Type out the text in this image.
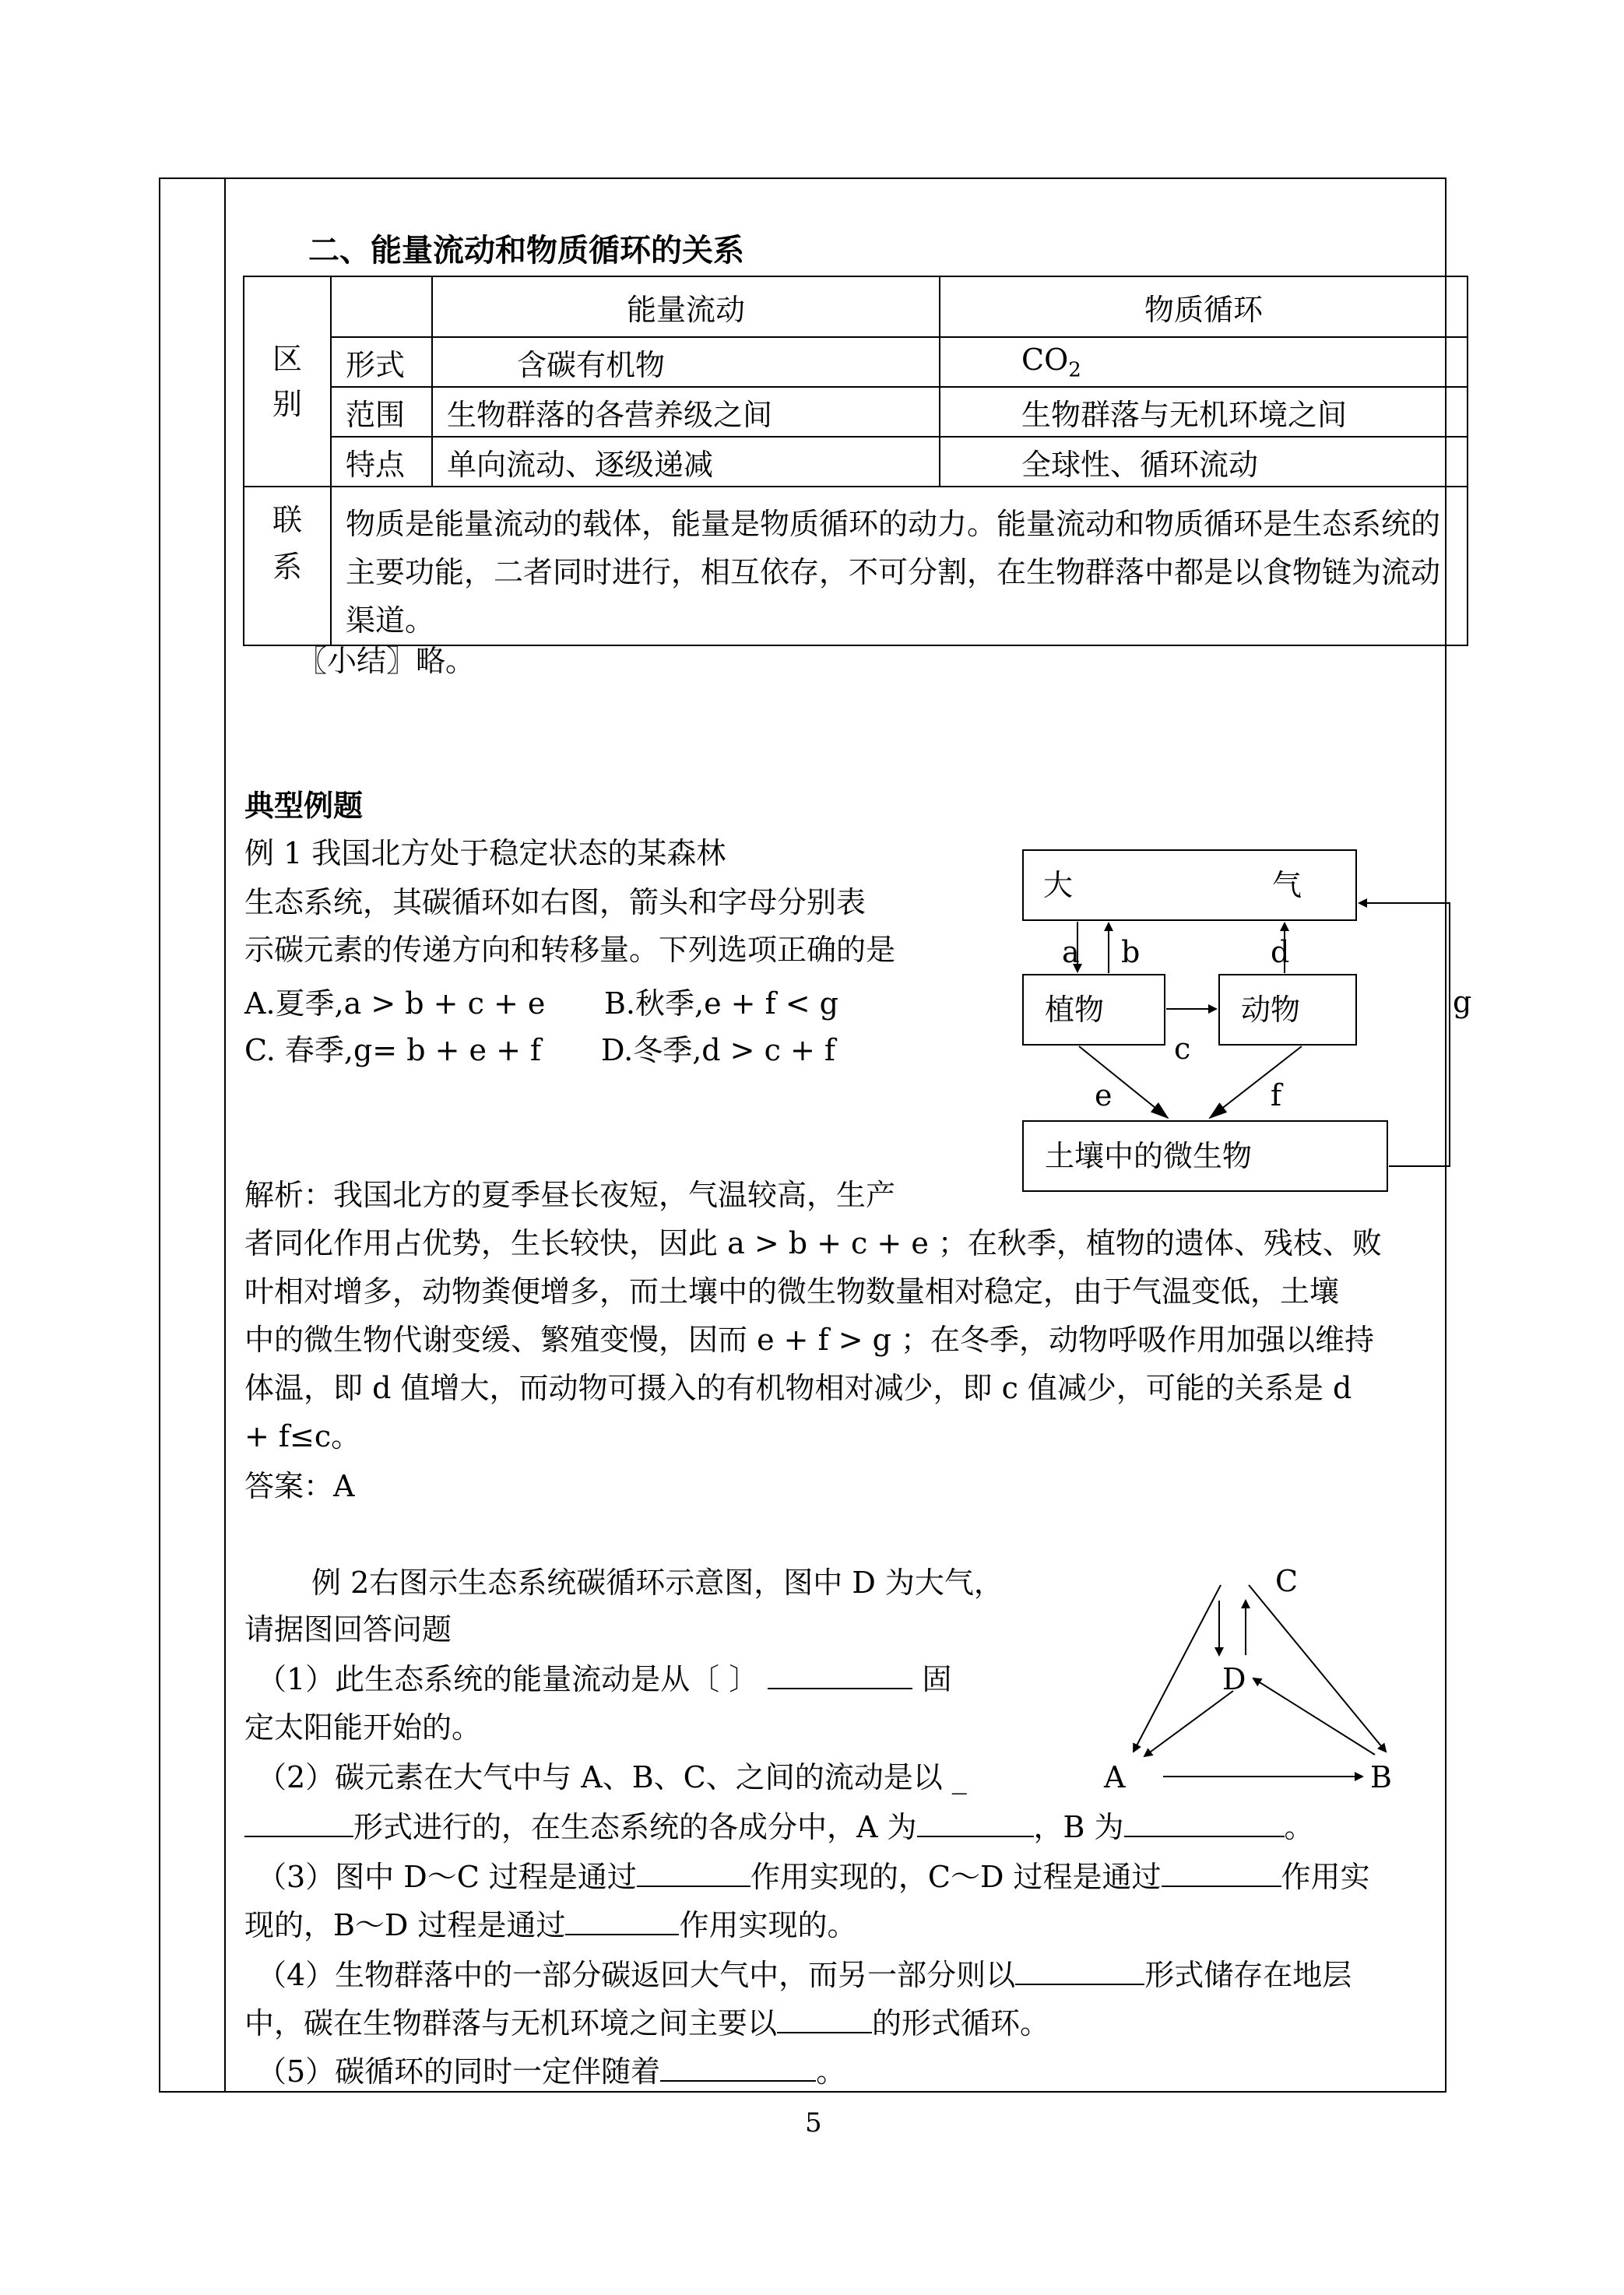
二、能量流动和物质循环的关系
区别		能量流动	物质循环
	形式	含碳有机物	$CO_2$
	范围	生物群落的各营养级之间	生物群落与无机环境之间
	特点	单向流动、逐级递减	全球性、循环流动
联系	物质是能量流动的载体，能量是物质循环的动力。能量流动和物质循环是生态系统的主要功能，二者同时进行，相互依存，不可分割，在生物群落中都是以食物链为流动渠道。		
〖小结〗略。
典型例题
例 1 我国北方处于稳定状态的某森林
生态系统，其碳循环如右图，箭头和字母分别表
示碳元素的传递方向和转移量。下列选项正确的是
A.夏季,a > b + c + e B.秋季,e + f < g
C. 春季,g= b + e + f D.冬季,d > c + f
大	气
植物	动物
土壤中的微生物
a b	d
c
e	f
g
C
D
A	B
解析：我国北方的夏季昼长夜短，气温较高，生产
者同化作用占优势，生长较快，因此 a > b + c + e ；在秋季，植物的遗体、残枝、败
叶相对增多，动物粪便增多，而土壤中的微生物数量相对稳定，由于气温变低，土壤
中的微生物代谢变缓、繁殖变慢，因而 e + f > g ；在冬季，动物呼吸作用加强以维持
体温，即 d 值增大，而动物可摄入的有机物相对减少，即 c 值减少，可能的关系是 d
+ f≤c。
答案：A
例 2右图示生态系统碳循环示意图，图中 D 为大气，
请据图回答问题
（1）此生态系统的能量流动是从〔 〕	固
定太阳能开始的。
（2）碳元素在大气中与 A、B、C、之间的流动是以 _
形式进行的，在生态系统的各成分中，A 为	，B 为	。
（3）图中 D～C 过程是通过	作用实现的，C～D 过程是通过	作用实
现的，B～D 过程是通过	作用实现的。
（4）生物群落中的一部分碳返回大气中，而另一部分则以	形式储存在地层
中，碳在生物群落与无机环境之间主要以	的形式循环。
（5）碳循环的同时一定伴随着	。
5
